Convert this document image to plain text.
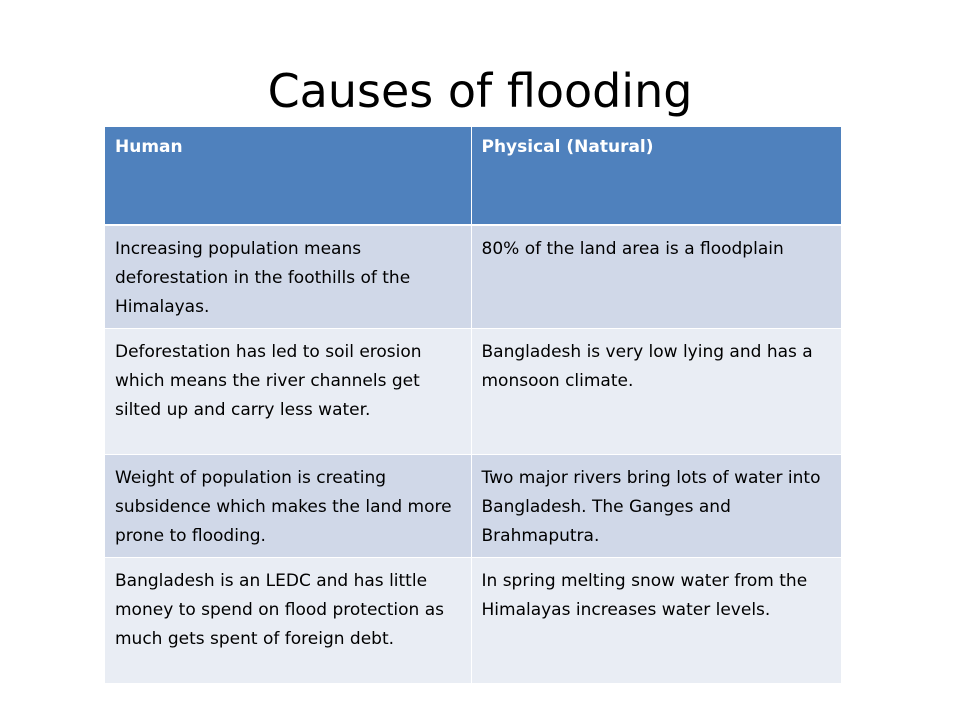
Causes of flooding
Human	Physical (Natural)
Increasing population means deforestation in the foothills of the Himalayas.	80% of the land area is a floodplain
Deforestation has led to soil erosion which means the river channels get silted up and carry less water.	Bangladesh is very low lying and has a monsoon climate.
Weight of population is creating subsidence which makes the land more prone to flooding.	Two major rivers bring lots of water into Bangladesh. The Ganges and Brahmaputra.
Bangladesh is an LEDC and has little money to spend on flood protection as much gets spent of foreign debt.	In spring melting snow water from the Himalayas increases water levels.
